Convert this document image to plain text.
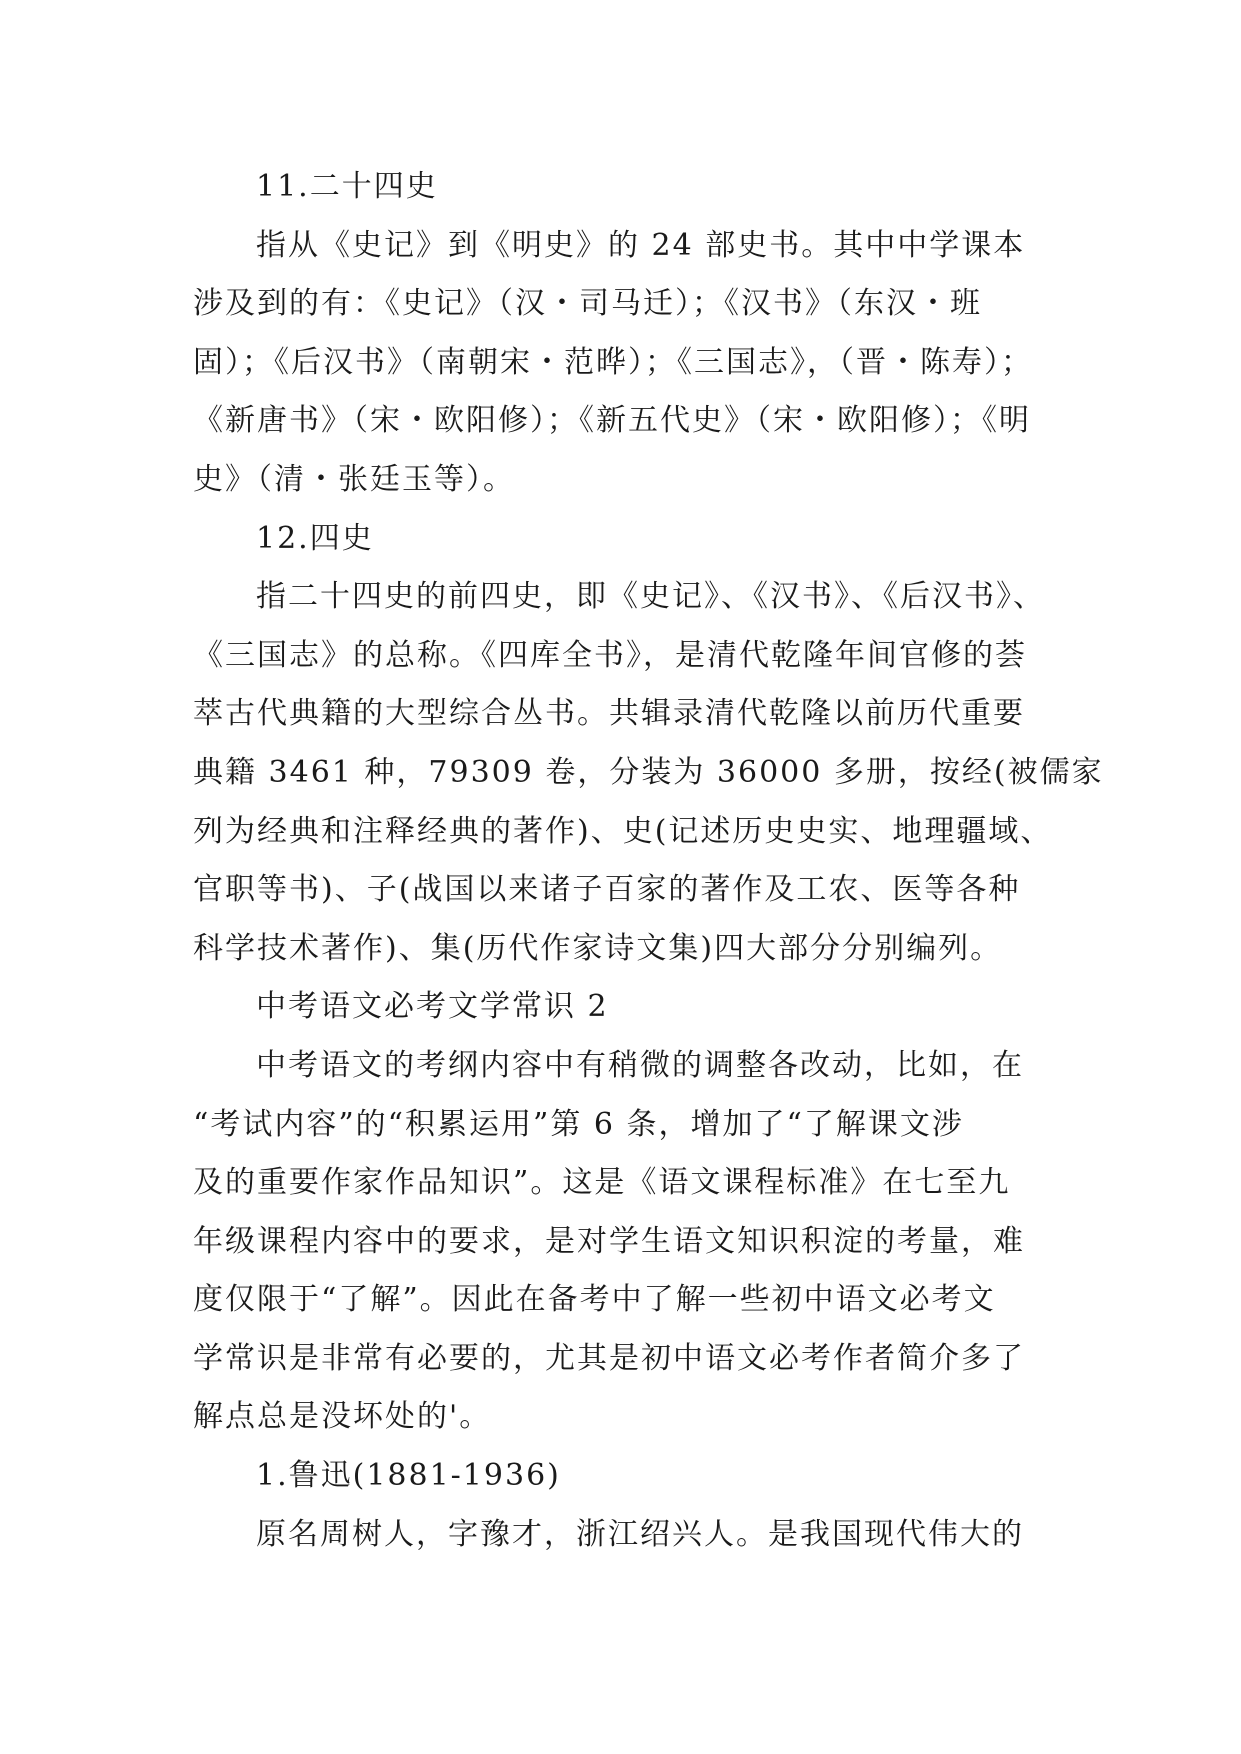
11.二十四史
指从《史记》到《明史》的 24 部史书。其中中学课本
涉及到的有：《史记》（汉・司马迁）；《汉书》（东汉・班
固）；《后汉书》（南朝宋・范晔）；《三国志》，（晋・陈寿）；
《新唐书》（宋・欧阳修）；《新五代史》（宋・欧阳修）；《明
史》（清・张廷玉等）。
12.四史
指二十四史的前四史，即《史记》、《汉书》、《后汉书》、
《三国志》的总称。《四库全书》，是清代乾隆年间官修的荟
萃古代典籍的大型综合丛书。共辑录清代乾隆以前历代重要
典籍 3461 种，79309 卷，分装为 36000 多册，按经(被儒家
列为经典和注释经典的著作)、史(记述历史史实、地理疆域、
官职等书)、子(战国以来诸子百家的著作及工农、医等各种
科学技术著作)、集(历代作家诗文集)四大部分分别编列。
中考语文必考文学常识 2
中考语文的考纲内容中有稍微的调整各改动，比如，在
“考试内容”的“积累运用”第 6 条，增加了“了解课文涉
及的重要作家作品知识”。这是《语文课程标准》在七至九
年级课程内容中的要求，是对学生语文知识积淀的考量，难
度仅限于“了解”。因此在备考中了解一些初中语文必考文
学常识是非常有必要的，尤其是初中语文必考作者简介多了
解点总是没坏处的'。
1.鲁迅(1881-1936)
原名周树人，字豫才，浙江绍兴人。是我国现代伟大的
